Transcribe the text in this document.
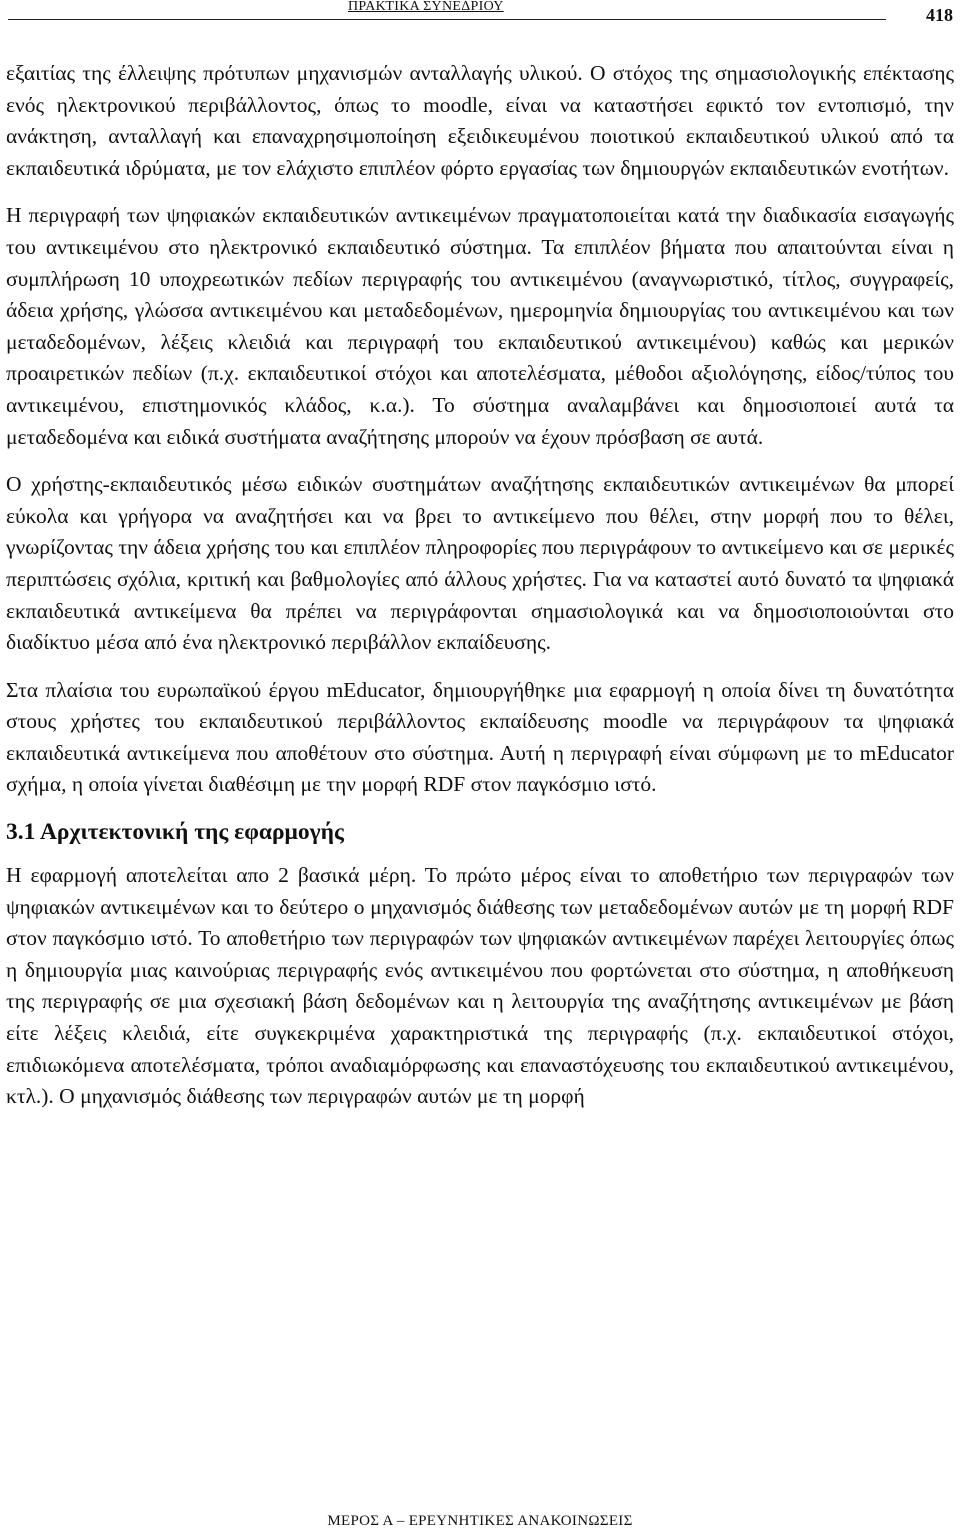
ΠΡΑΚΤΙΚΑ ΣΥΝΕΔΡΙΟΥ	418

εξαιτίας της έλλειψης πρότυπων μηχανισμών ανταλλαγής υλικού. Ο στόχος της σημασιολογικής επέκτασης ενός ηλεκτρονικού περιβάλλοντος, όπως το moodle, είναι να καταστήσει εφικτό τον εντοπισμό, την ανάκτηση, ανταλλαγή και επαναχρησιμοποίηση εξειδικευμένου ποιοτικού εκπαιδευτικού υλικού από τα εκπαιδευτικά ιδρύματα, με τον ελάχιστο επιπλέον φόρτο εργασίας των δημιουργών εκπαιδευτικών ενοτήτων.

Η περιγραφή των ψηφιακών εκπαιδευτικών αντικειμένων πραγματοποιείται κατά την διαδικασία εισαγωγής του αντικειμένου στο ηλεκτρονικό εκπαιδευτικό σύστημα. Τα επιπλέον βήματα που απαιτούνται είναι η συμπλήρωση 10 υποχρεωτικών πεδίων περιγραφής του αντικειμένου (αναγνωριστικό, τίτλος, συγγραφείς, άδεια χρήσης, γλώσσα αντικειμένου και μεταδεδομένων, ημερομηνία δημιουργίας του αντικειμένου και των μεταδεδομένων, λέξεις κλειδιά και περιγραφή του εκπαιδευτικού αντικειμένου) καθώς και μερικών προαιρετικών πεδίων (π.χ. εκπαιδευτικοί στόχοι και αποτελέσματα, μέθοδοι αξιολόγησης, είδος/τύπος του αντικειμένου, επιστημονικός κλάδος, κ.α.). Το σύστημα αναλαμβάνει και δημοσιοποιεί αυτά τα μεταδεδομένα και ειδικά συστήματα αναζήτησης μπορούν να έχουν πρόσβαση σε αυτά.

Ο χρήστης-εκπαιδευτικός μέσω ειδικών συστημάτων αναζήτησης εκπαιδευτικών αντικειμένων θα μπορεί εύκολα και γρήγορα να αναζητήσει και να βρει το αντικείμενο που θέλει, στην μορφή που το θέλει, γνωρίζοντας την άδεια χρήσης του και επιπλέον πληροφορίες που περιγράφουν το αντικείμενο και σε μερικές περιπτώσεις σχόλια, κριτική και βαθμολογίες από άλλους χρήστες. Για να καταστεί αυτό δυνατό τα ψηφιακά εκπαιδευτικά αντικείμενα θα πρέπει να περιγράφονται σημασιολογικά και να δημοσιοποιούνται στο διαδίκτυο μέσα από ένα ηλεκτρονικό περιβάλλον εκπαίδευσης.

Στα πλαίσια του ευρωπαϊκού έργου mEducator, δημιουργήθηκε μια εφαρμογή η οποία δίνει τη δυνατότητα στους χρήστες του εκπαιδευτικού περιβάλλοντος εκπαίδευσης moodle να περιγράφουν τα ψηφιακά εκπαιδευτικά αντικείμενα που αποθέτουν στο σύστημα. Αυτή η περιγραφή είναι σύμφωνη με το mEducator σχήμα, η οποία γίνεται διαθέσιμη με την μορφή RDF στον παγκόσμιο ιστό.

3.1 Αρχιτεκτονική της εφαρμογής

Η εφαρμογή αποτελείται απο 2 βασικά μέρη. Το πρώτο μέρος είναι το αποθετήριο των περιγραφών των ψηφιακών αντικειμένων και το δεύτερο ο μηχανισμός διάθεσης των μεταδεδομένων αυτών με τη μορφή RDF στον παγκόσμιο ιστό. Το αποθετήριο των περιγραφών των ψηφιακών αντικειμένων παρέχει λειτουργίες όπως η δημιουργία μιας καινούριας περιγραφής ενός αντικειμένου που φορτώνεται στο σύστημα, η αποθήκευση της περιγραφής σε μια σχεσιακή βάση δεδομένων και η λειτουργία της αναζήτησης αντικειμένων με βάση είτε λέξεις κλειδιά, είτε συγκεκριμένα χαρακτηριστικά της περιγραφής (π.χ. εκπαιδευτικοί στόχοι, επιδιωκόμενα αποτελέσματα, τρόποι αναδιαμόρφωσης και επαναστόχευσης του εκπαιδευτικού αντικειμένου, κτλ.). Ο μηχανισμός διάθεσης των περιγραφών αυτών με τη μορφή

ΜΕΡΟΣ Α – ΕΡΕΥΝΗΤΙΚΕΣ ΑΝΑΚΟΙΝΩΣΕΙΣ
